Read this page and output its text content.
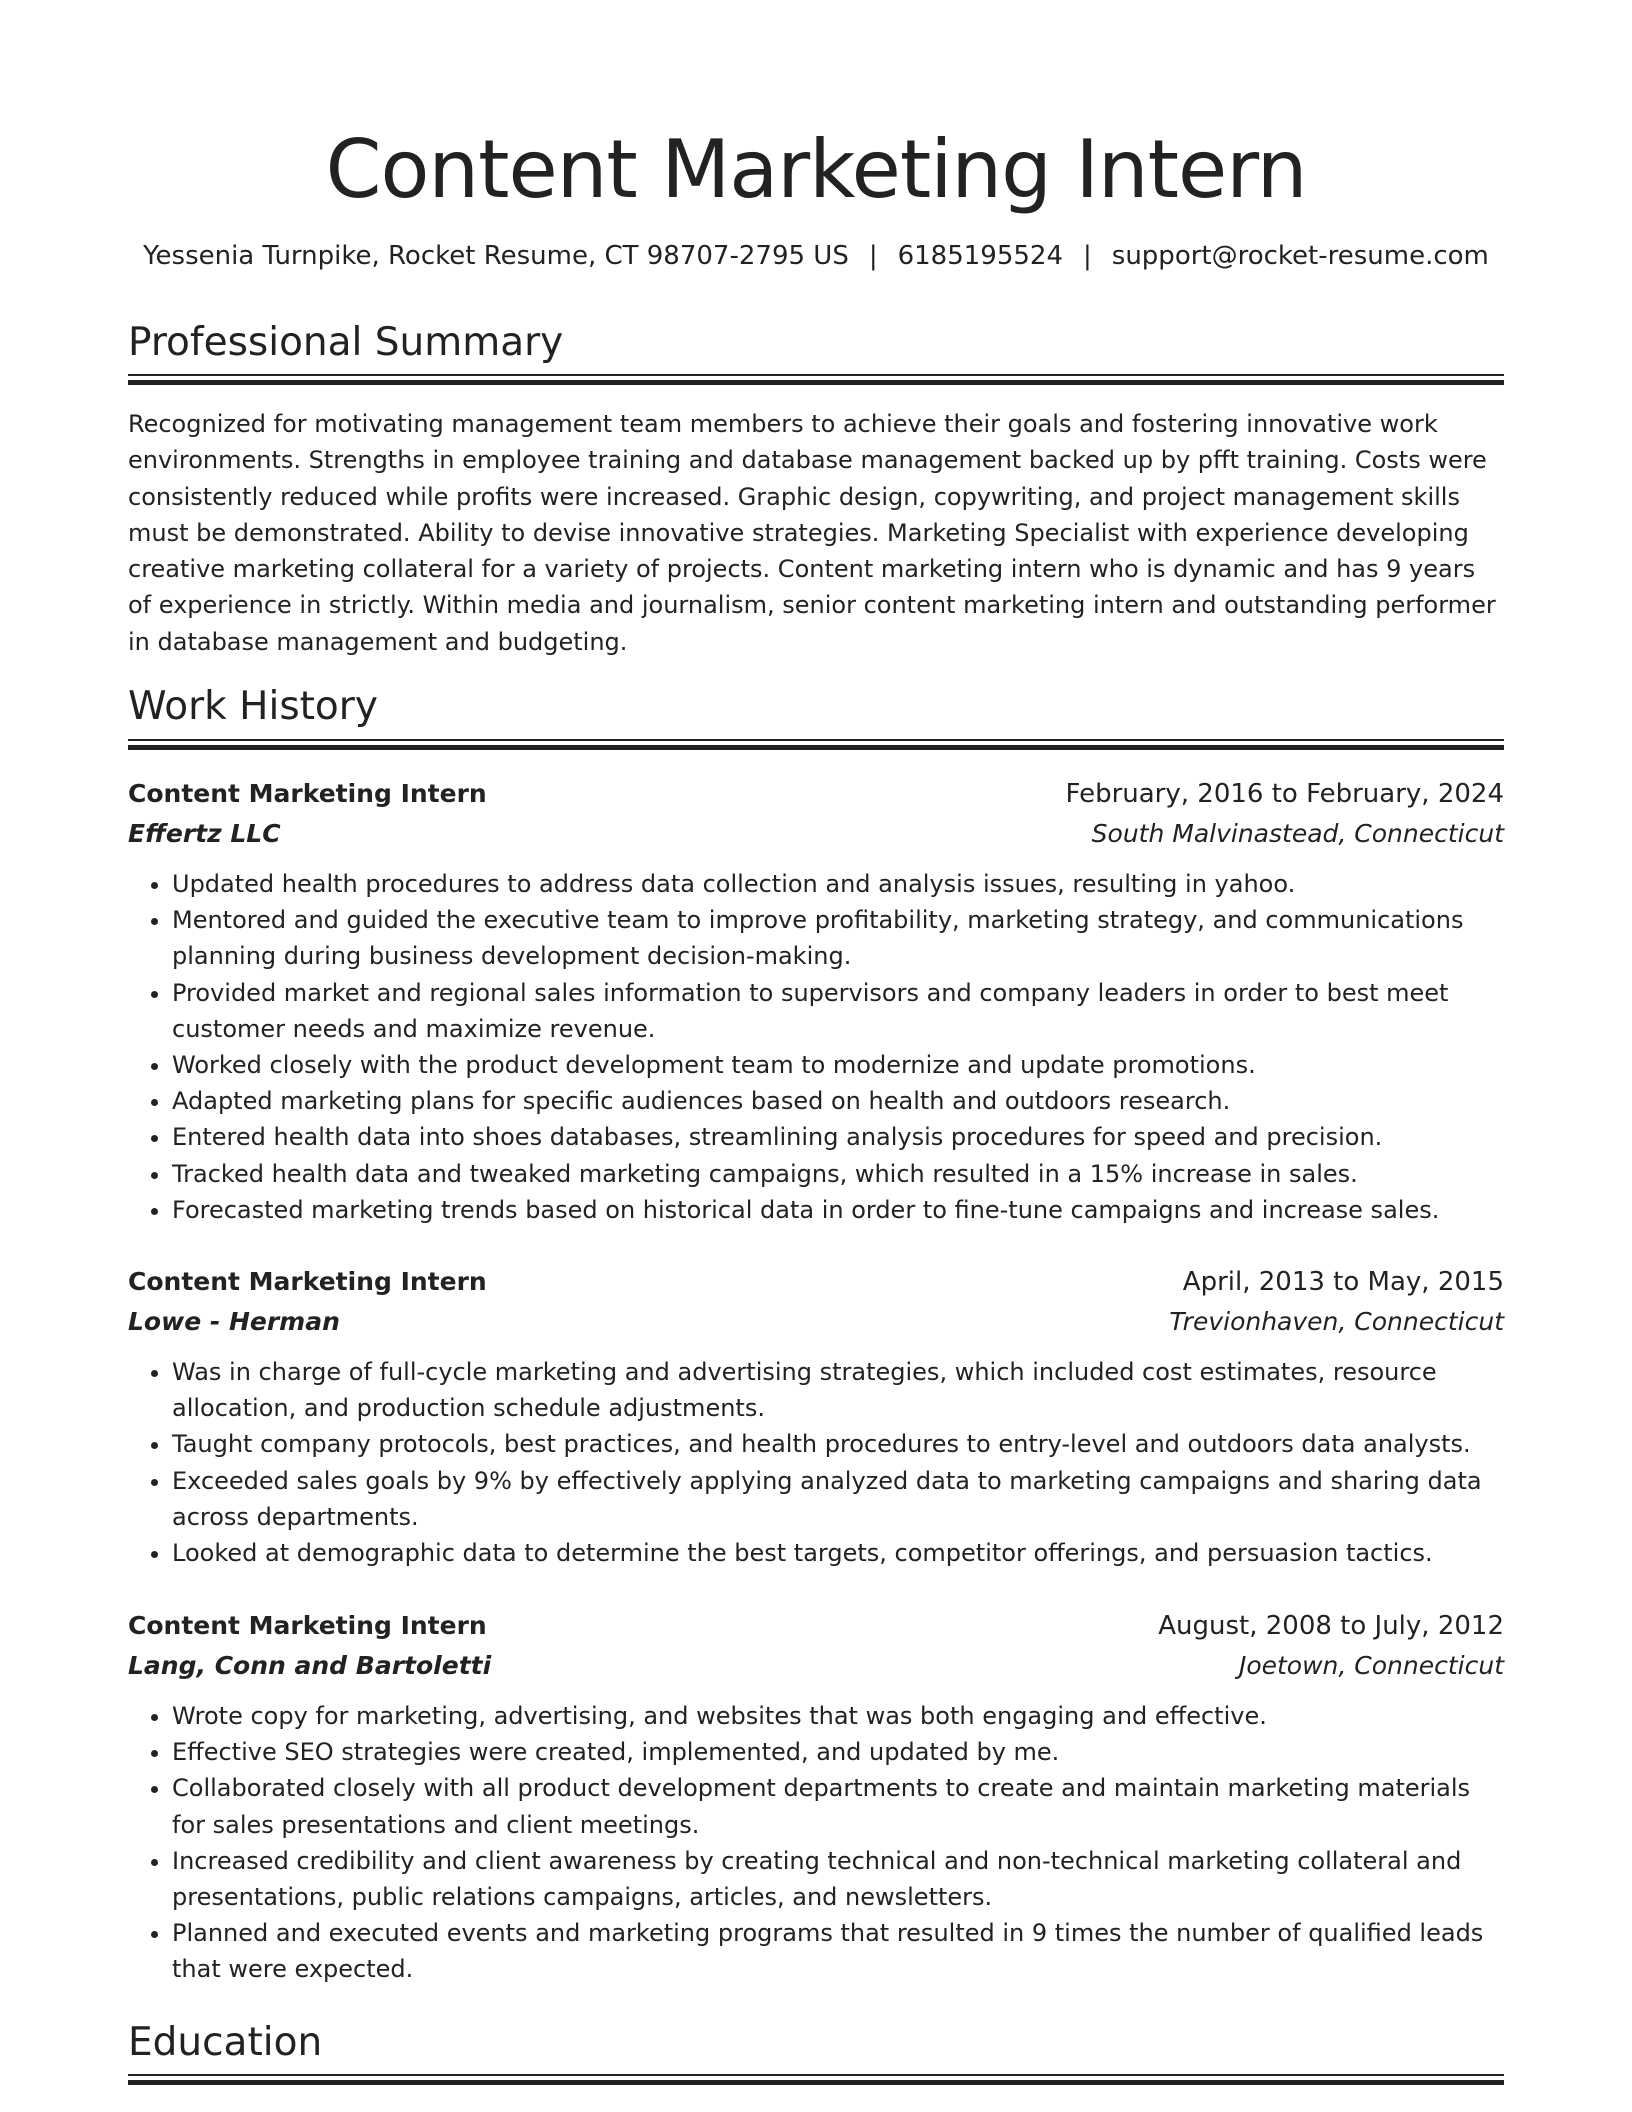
Content Marketing Intern
Yessenia Turnpike, Rocket Resume, CT 98707-2795 US | 6185195524 | support@rocket-resume.com
Professional Summary

Recognized for motivating management team members to achieve their goals and fostering innovative work environments. Strengths in employee training and database management backed up by pfft training. Costs were consistently reduced while profits were increased. Graphic design, copywriting, and project management skills must be demonstrated. Ability to devise innovative strategies. Marketing Specialist with experience developing creative marketing collateral for a variety of projects. Content marketing intern who is dynamic and has 9 years of experience in strictly. Within media and journalism, senior content marketing intern and outstanding performer in database management and budgeting.

Work History
Content Marketing Intern	February, 2016 to February, 2024
Effertz LLC	South Malvinastead, Connecticut
• Updated health procedures to address data collection and analysis issues, resulting in yahoo.
• Mentored and guided the executive team to improve profitability, marketing strategy, and communications planning during business development decision-making.
• Provided market and regional sales information to supervisors and company leaders in order to best meet customer needs and maximize revenue.
• Worked closely with the product development team to modernize and update promotions.
• Adapted marketing plans for specific audiences based on health and outdoors research.
• Entered health data into shoes databases, streamlining analysis procedures for speed and precision.
• Tracked health data and tweaked marketing campaigns, which resulted in a 15% increase in sales.
• Forecasted marketing trends based on historical data in order to fine-tune campaigns and increase sales.
Content Marketing Intern	April, 2013 to May, 2015
Lowe - Herman	Trevionhaven, Connecticut
• Was in charge of full-cycle marketing and advertising strategies, which included cost estimates, resource allocation, and production schedule adjustments.
• Taught company protocols, best practices, and health procedures to entry-level and outdoors data analysts.
• Exceeded sales goals by 9% by effectively applying analyzed data to marketing campaigns and sharing data across departments.
• Looked at demographic data to determine the best targets, competitor offerings, and persuasion tactics.
Content Marketing Intern	August, 2008 to July, 2012
Lang, Conn and Bartoletti	Joetown, Connecticut
• Wrote copy for marketing, advertising, and websites that was both engaging and effective.
• Effective SEO strategies were created, implemented, and updated by me.
• Collaborated closely with all product development departments to create and maintain marketing materials for sales presentations and client meetings.
• Increased credibility and client awareness by creating technical and non-technical marketing collateral and presentations, public relations campaigns, articles, and newsletters.
• Planned and executed events and marketing programs that resulted in 9 times the number of qualified leads that were expected.
Education
